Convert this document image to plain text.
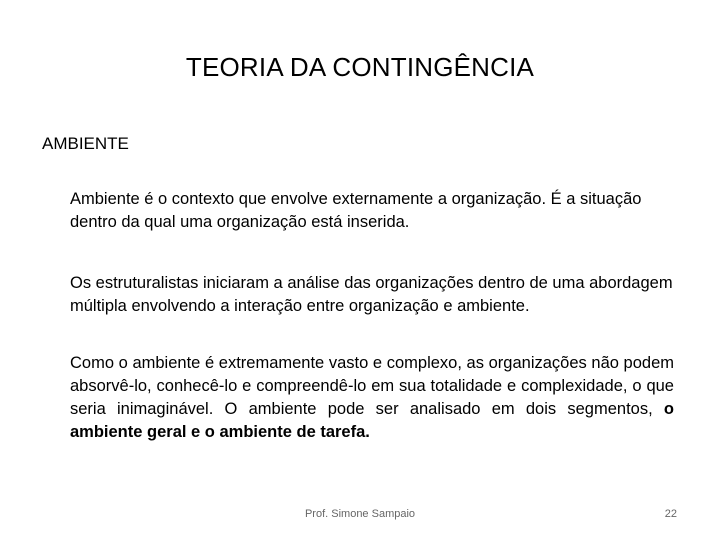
TEORIA DA CONTINGÊNCIA
AMBIENTE

Ambiente é o contexto que envolve externamente a organização. É a situação dentro da qual uma organização está inserida.

Os estruturalistas iniciaram a análise das organizações dentro de uma abordagem múltipla envolvendo a interação entre organização e ambiente.

Como o ambiente é extremamente vasto e complexo, as organizações não podem absorvê-lo, conhecê-lo e compreendê-lo em sua totalidade e complexidade, o que seria inimaginável. O ambiente pode ser analisado em dois segmentos, o ambiente geral e o ambiente de tarefa.

Prof. Simone Sampaio	22
